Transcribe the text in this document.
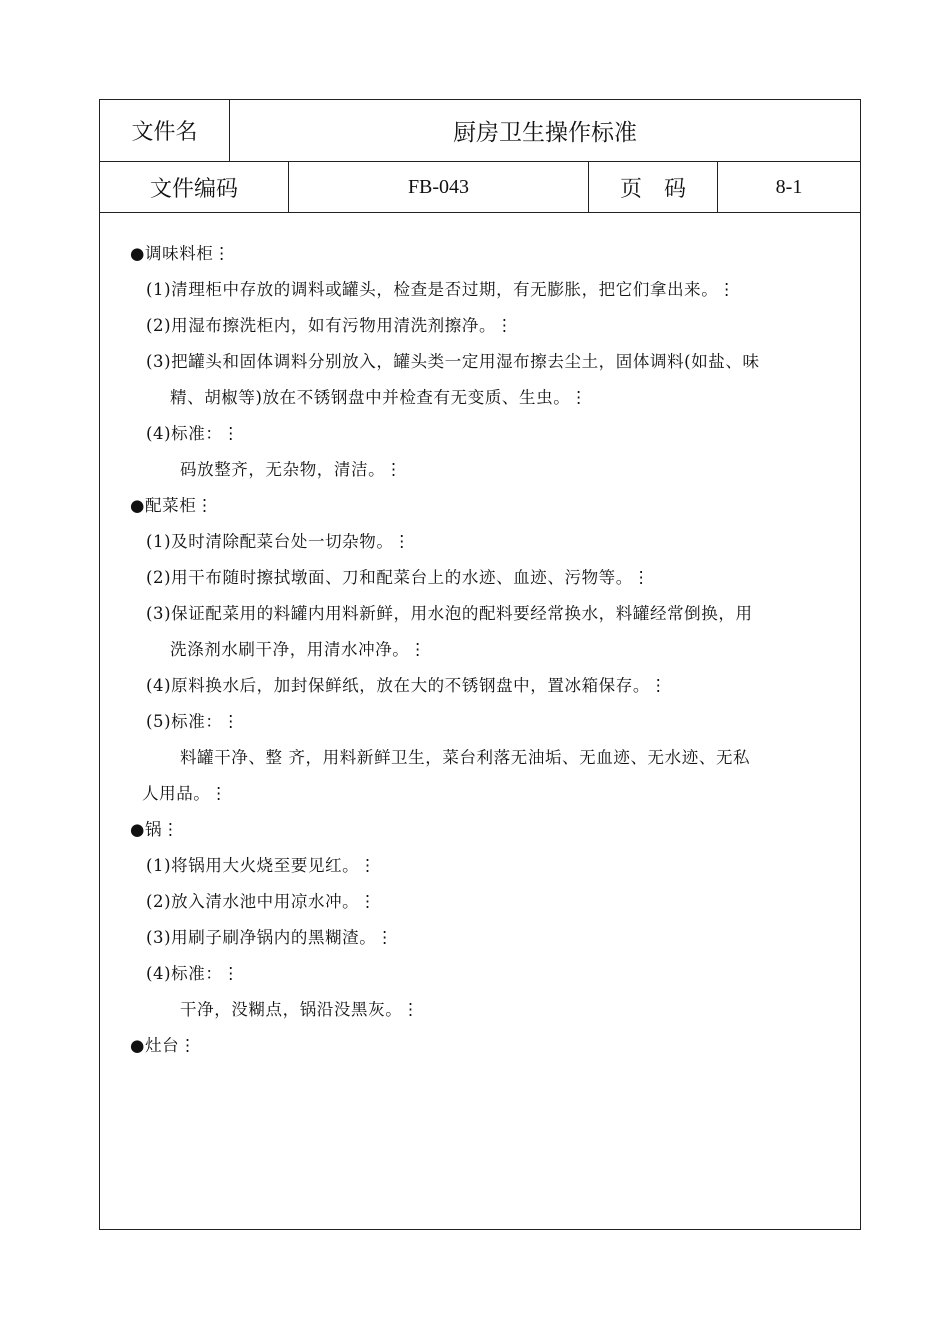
文件名	厨房卫生操作标准
文件编码	FB-043	页　码	8-1
●调味料柜⋮
(1)清理柜中存放的调料或罐头，检查是否过期，有无膨胀，把它们拿出来。⋮
(2)用湿布擦洗柜内，如有污物用清洗剂擦净。⋮
(3)把罐头和固体调料分别放入，罐头类一定用湿布擦去尘土，固体调料(如盐、味
精、胡椒等)放在不锈钢盘中并检查有无变质、生虫。⋮
(4)标准：⋮
码放整齐，无杂物，清洁。⋮
●配菜柜⋮
(1)及时清除配菜台处一切杂物。⋮
(2)用干布随时擦拭墩面、刀和配菜台上的水迹、血迹、污物等。⋮
(3)保证配菜用的料罐内用料新鲜，用水泡的配料要经常换水，料罐经常倒换，用
洗涤剂水刷干净，用清水冲净。⋮
(4)原料换水后，加封保鲜纸，放在大的不锈钢盘中，置冰箱保存。⋮
(5)标准：⋮
料罐干净、整 齐，用料新鲜卫生，菜台利落无油垢、无血迹、无水迹、无私
人用品。⋮
●锅⋮
(1)将锅用大火烧至要见红。⋮
(2)放入清水池中用凉水冲。⋮
(3)用刷子刷净锅内的黑糊渣。⋮
(4)标准：⋮
干净，没糊点，锅沿没黑灰。⋮
●灶台⋮
